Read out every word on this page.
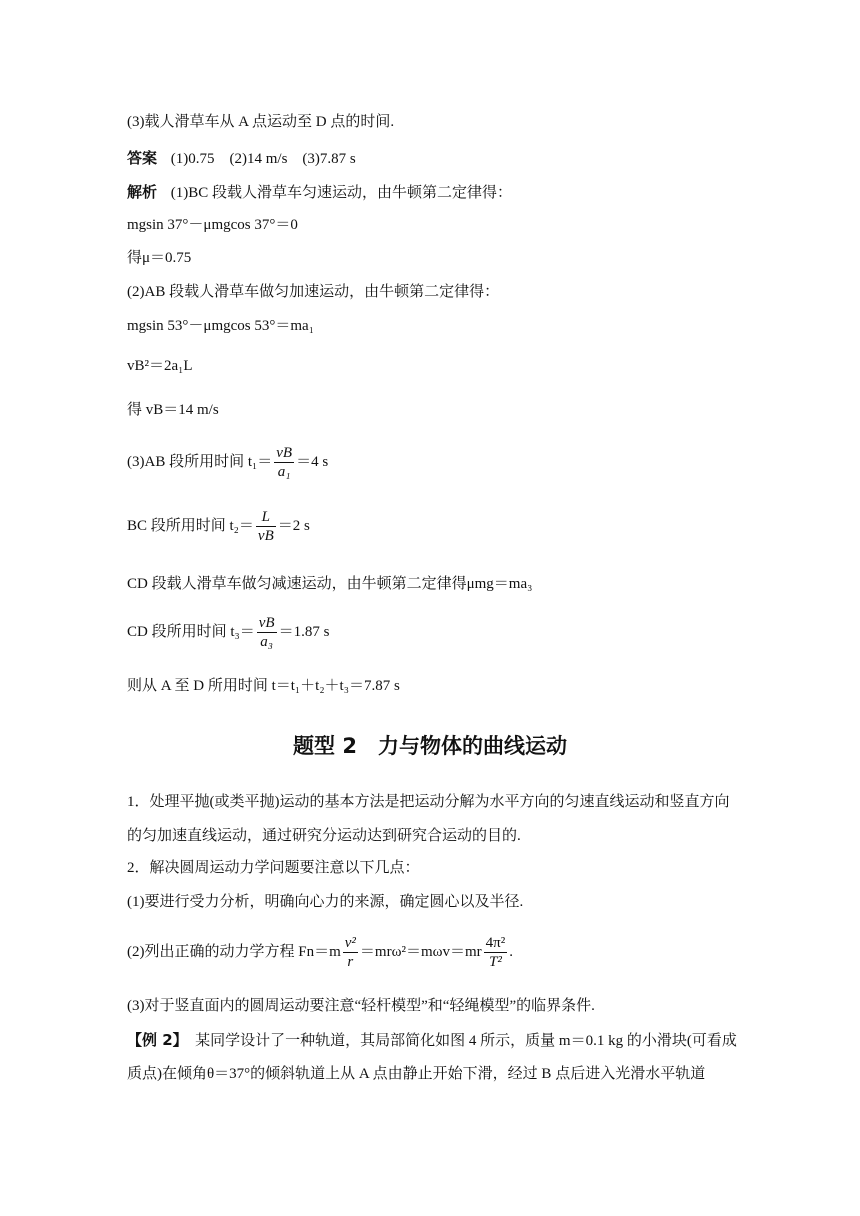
(3)载人滑草车从 A 点运动至 D 点的时间.
答案 (1)0.75　(2)14 m/s　(3)7.87 s
解析 (1)BC 段载人滑草车匀速运动，由牛顿第二定律得：
mgsin 37°－μmgcos 37°＝0
得μ＝0.75
(2)AB 段载人滑草车做匀加速运动，由牛顿第二定律得：
mgsin 53°－μmgcos 53°＝ma₁
vB²＝2a₁L
得 vB＝14 m/s
(3)AB 段所用时间 $t_1= \frac{vB}{\text{a₁}} =4$ s
BC 段所用时间 $t_2= \frac{L}{vB} =2$ s
CD 段载人滑草车做匀减速运动，由牛顿第二定律得μmg＝ma₃
CD 段所用时间 $t_3= \frac{vB}{\text{a₃}} =1.87$ s
则从 A 至 D 所用时间 t＝t₁＋t₂＋t₃＝7.87 s
题型 2　力与物体的曲线运动
1．处理平抛(或类平抛)运动的基本方法是把运动分解为水平方向的匀速直线运动和竖直方向
的匀加速直线运动，通过研究分运动达到研究合运动的目的.
2．解决圆周运动力学问题要注意以下几点：
(1)要进行受力分析，明确向心力的来源，确定圆心以及半径.
(2)列出正确的动力学方程 $Fn=m \frac{\text{v²}}{r} =mr\omega^2=m\omega v=mr \frac{\text{4π²}}{\text{T²}}$ .
(3)对于竖直面内的圆周运动要注意“轻杆模型”和“轻绳模型”的临界条件.
【例 2】　某同学设计了一种轨道，其局部简化如图 4 所示，质量 m＝0.1 kg 的小滑块(可看成
质点)在倾角θ＝37°的倾斜轨道上从 A 点由静止开始下滑，经过 B 点后进入光滑水平轨道
